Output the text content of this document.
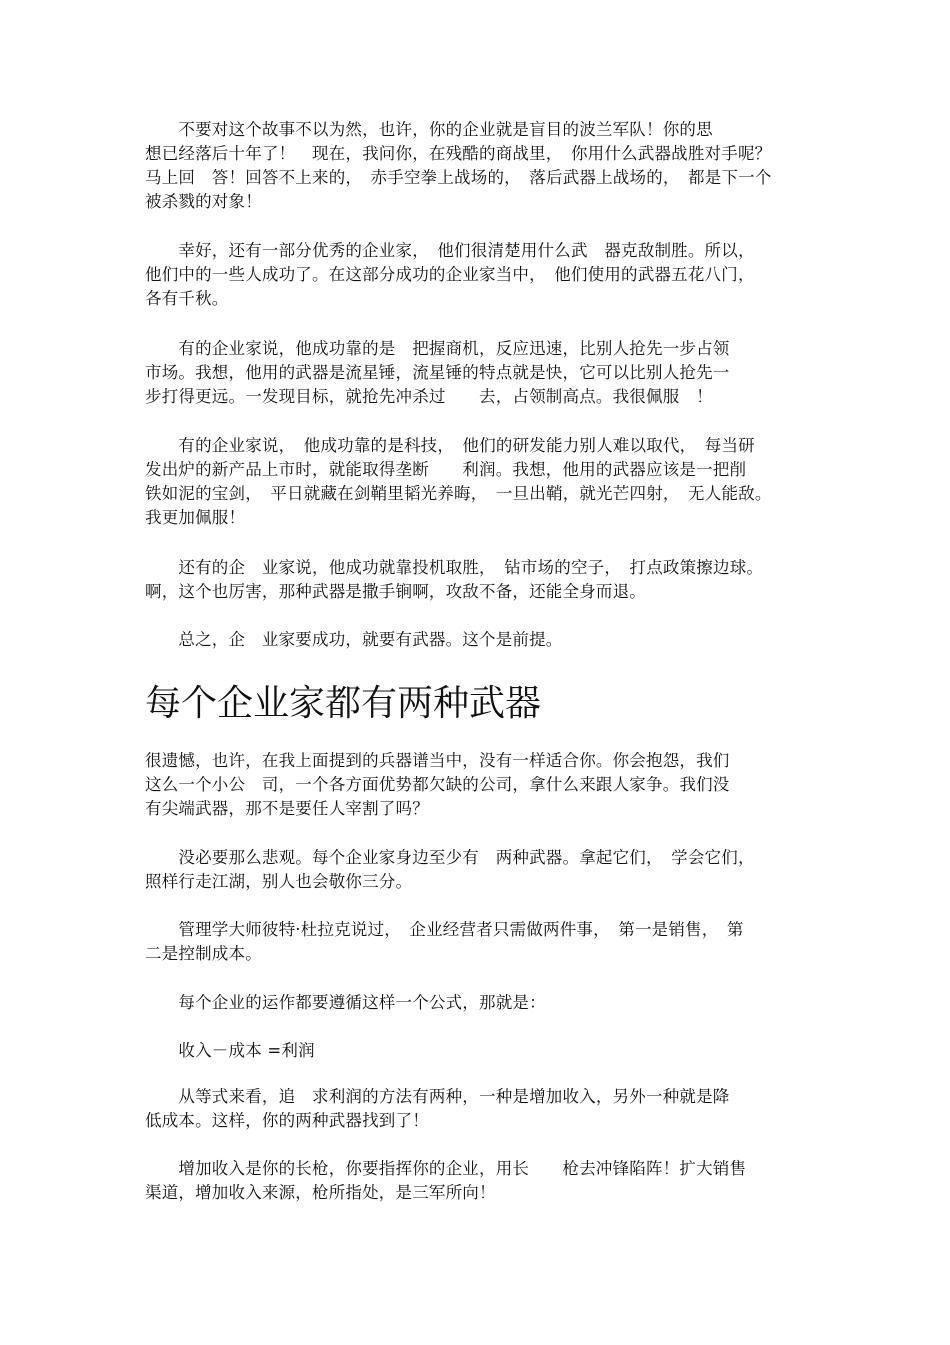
　　不要对这个故事不以为然，也许，你的企业就是盲目的波兰军队！你的思
想已经落后十年了！　现在，我问你，在残酷的商战里，　你用什么武器战胜对手呢？
马上回　答！回答不上来的，　赤手空拳上战场的，　落后武器上战场的，　都是下一个
被杀戮的对象！
　　幸好，还有一部分优秀的企业家，　他们很清楚用什么武　器克敌制胜。所以，
他们中的一些人成功了。在这部分成功的企业家当中，　他们使用的武器五花八门，
各有千秋。
　　有的企业家说，他成功靠的是　把握商机，反应迅速，比别人抢先一步占领
市场。我想，他用的武器是流星锤，流星锤的特点就是快，它可以比别人抢先一
步打得更远。一发现目标，就抢先冲杀过　　去，占领制高点。我很佩服　！
　　有的企业家说，　他成功靠的是科技，　他们的研发能力别人难以取代，　每当研
发出炉的新产品上市时，就能取得垄断　　利润。我想，他用的武器应该是一把削
铁如泥的宝剑，　平日就藏在剑鞘里韬光养晦，　一旦出鞘，就光芒四射，　无人能敌。
我更加佩服！
　　还有的企　业家说，他成功就靠投机取胜，　钻市场的空子，　打点政策擦边球。
啊，这个也厉害，那种武器是撒手锏啊，攻敌不备，还能全身而退。
　　总之，企　业家要成功，就要有武器。这个是前提。
每个企业家都有两种武器
很遗憾，也许，在我上面提到的兵器谱当中，没有一样适合你。你会抱怨，我们
这么一个小公　司，一个各方面优势都欠缺的公司，拿什么来跟人家争。我们没
有尖端武器，那不是要任人宰割了吗？
　　没必要那么悲观。每个企业家身边至少有　两种武器。拿起它们，　学会它们，
照样行走江湖，别人也会敬你三分。
　　管理学大师彼特·杜拉克说过，　企业经营者只需做两件事，　第一是销售，　第
二是控制成本。
　　每个企业的运作都要遵循这样一个公式，那就是：
　　收入－成本 =利润
　　从等式来看，追　求利润的方法有两种，一种是增加收入，另外一种就是降
低成本。这样，你的两种武器找到了！
　　增加收入是你的长枪，你要指挥你的企业，用长　　枪去冲锋陷阵！扩大销售
渠道，增加收入来源，枪所指处，是三军所向！
